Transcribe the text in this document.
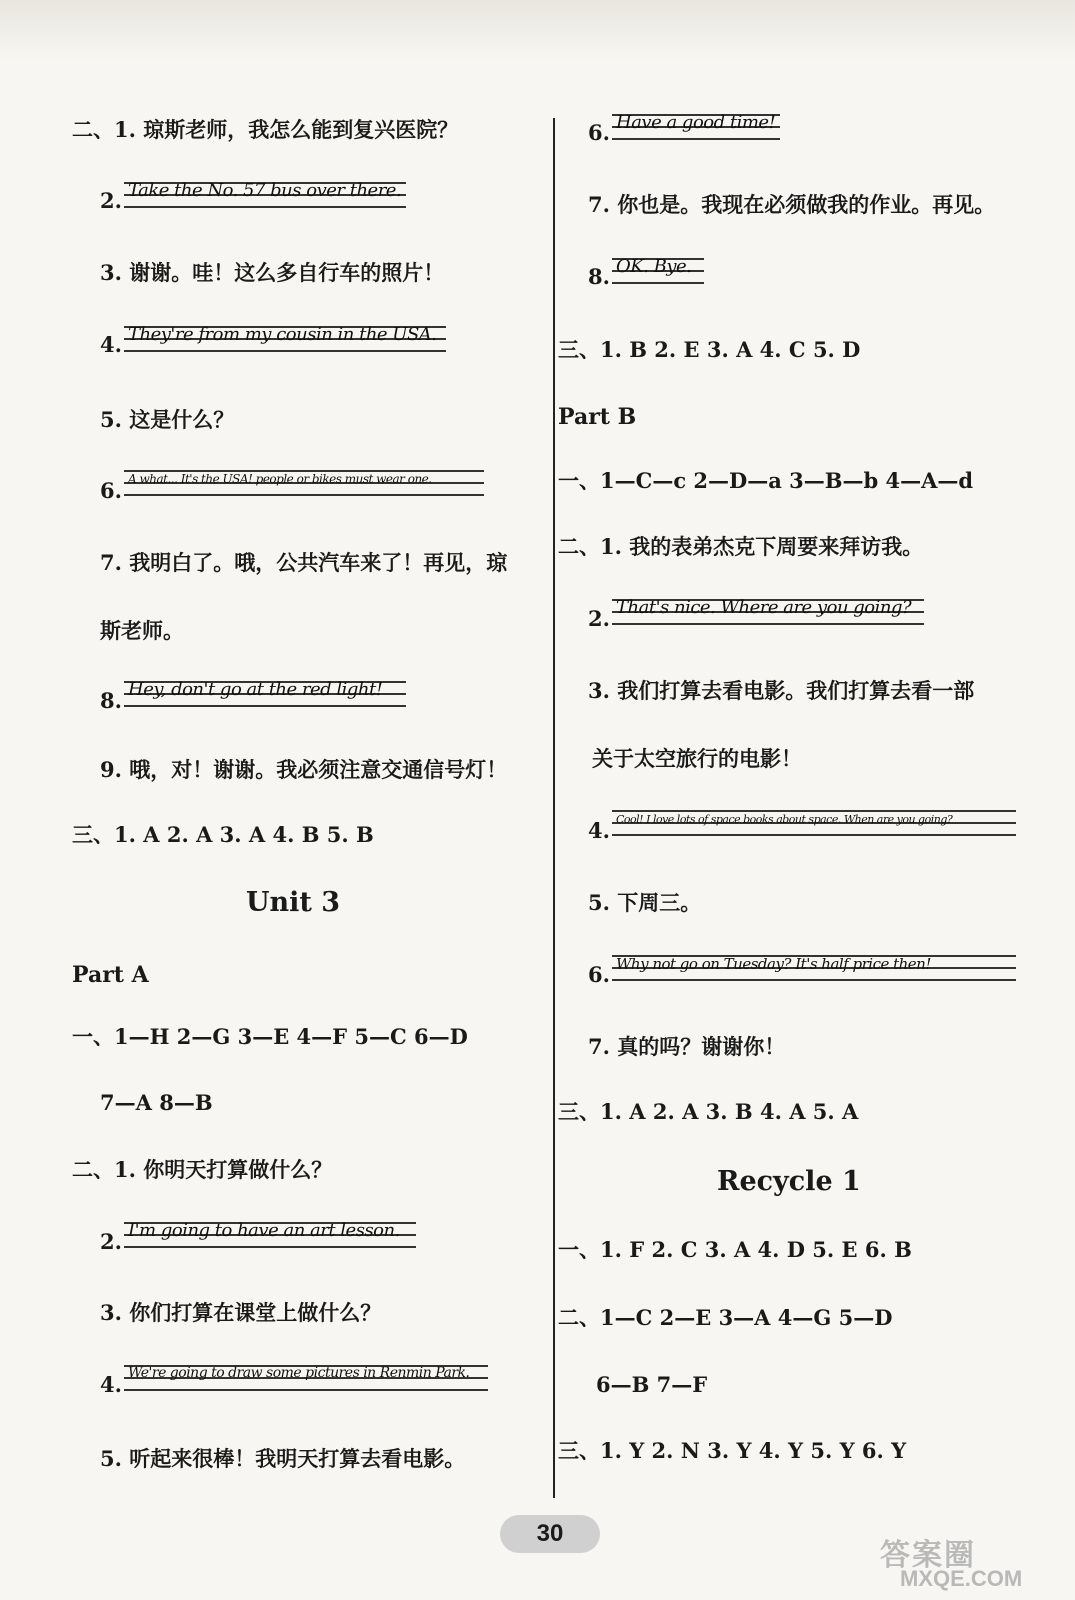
二、1. 琼斯老师，我怎么能到复兴医院？
2. Take the No. 57 bus over there.
3. 谢谢。哇！这么多自行车的照片！
4. They're from my cousin in the USA.
5. 这是什么？
6. A what... It's the USA! people or bikes must wear one.
7. 我明白了。哦，公共汽车来了！再见，琼
斯老师。
8. Hey, don't go at the red light!
9. 哦，对！谢谢。我必须注意交通信号灯！
三、1. A 2. A 3. A 4. B 5. B
Unit 3
Part A
一、1—H 2—G 3—E 4—F 5—C 6—D
7—A 8—B
二、1. 你明天打算做什么？
2. I'm going to have an art lesson.
3. 你们打算在课堂上做什么？
4. We're going to draw some pictures in Renmin Park.
5. 听起来很棒！我明天打算去看电影。
6. Have a good time!
7. 你也是。我现在必须做我的作业。再见。
8. OK. Bye.
三、1. B 2. E 3. A 4. C 5. D
Part B
一、1—C—c 2—D—a 3—B—b 4—A—d
二、1. 我的表弟杰克下周要来拜访我。
2. That's nice. Where are you going?
3. 我们打算去看电影。我们打算去看一部
关于太空旅行的电影！
4. Cool! I love lots of space books about space. When are you going?
5. 下周三。
6. Why not go on Tuesday? It's half price then!
7. 真的吗？谢谢你！
三、1. A 2. A 3. B 4. A 5. A
Recycle 1
一、1. F 2. C 3. A 4. D 5. E 6. B
二、1—C 2—E 3—A 4—G 5—D
6—B 7—F
三、1. Y 2. N 3. Y 4. Y 5. Y 6. Y
30
答案圈
MXQE.COM
